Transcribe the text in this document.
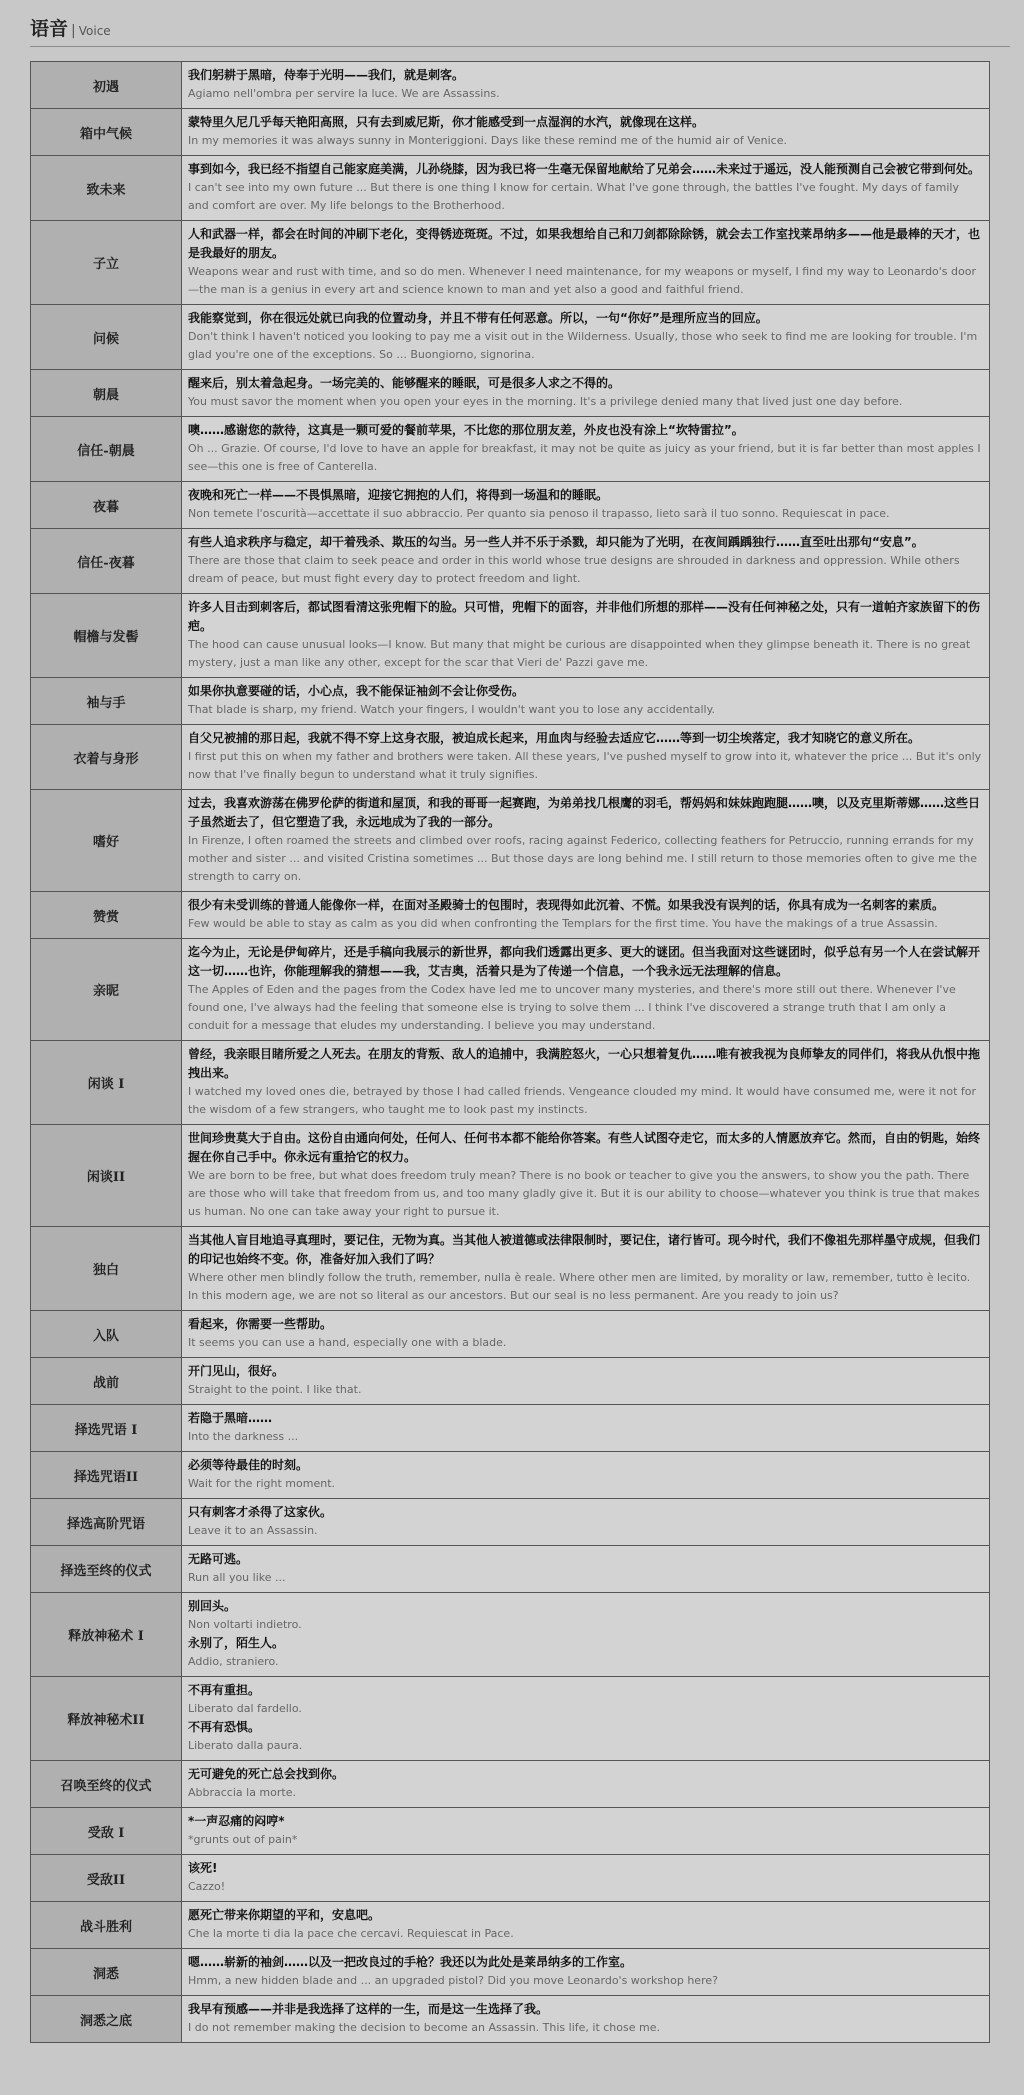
语音 | Voice
初遇	我们躬耕于黑暗，侍奉于光明——我们，就是刺客。
Agiamo nell'ombra per servire la luce. We are Assassins.

箱中气候	蒙特里久尼几乎每天艳阳高照，只有去到威尼斯，你才能感受到一点湿润的水汽，就像现在这样。
In my memories it was always sunny in Monteriggioni. Days like these remind me of the humid air of Venice.

致未来	事到如今，我已经不指望自己能家庭美满，儿孙绕膝，因为我已将一生毫无保留地献给了兄弟会……未来过于遥远，没人能预测自己会被它带到何处。
I can't see into my own future ... But there is one thing I know for certain. What I've gone through, the battles I've fought. My days of family and comfort are over. My life belongs to the Brotherhood.

子立	人和武器一样，都会在时间的冲刷下老化，变得锈迹斑斑。不过，如果我想给自己和刀剑都除除锈，就会去工作室找莱昂纳多——他是最棒的天才，也是我最好的朋友。
Weapons wear and rust with time, and so do men. Whenever I need maintenance, for my weapons or myself, I find my way to Leonardo's door—the man is a genius in every art and science known to man and yet also a good and faithful friend.

问候	我能察觉到，你在很远处就已向我的位置动身，并且不带有任何恶意。所以，一句“你好”是理所应当的回应。
Don't think I haven't noticed you looking to pay me a visit out in the Wilderness. Usually, those who seek to find me are looking for trouble. I'm glad you're one of the exceptions. So ... Buongiorno, signorina.

朝晨	醒来后，别太着急起身。一场完美的、能够醒来的睡眠，可是很多人求之不得的。
You must savor the moment when you open your eyes in the morning. It's a privilege denied many that lived just one day before.

信任-朝晨	噢……感谢您的款待，这真是一颗可爱的餐前苹果，不比您的那位朋友差，外皮也没有涂上“坎特雷拉”。
Oh ... Grazie. Of course, I'd love to have an apple for breakfast, it may not be quite as juicy as your friend, but it is far better than most apples I see—this one is free of Canterella.

夜暮	夜晚和死亡一样——不畏惧黑暗，迎接它拥抱的人们，将得到一场温和的睡眠。
Non temete l'oscurità—accettate il suo abbraccio. Per quanto sia penoso il trapasso, lieto sarà il tuo sonno. Requiescat in pace.

信任-夜暮	有些人追求秩序与稳定，却干着残杀、欺压的勾当。另一些人并不乐于杀戮，却只能为了光明，在夜间踽踽独行……直至吐出那句“安息”。
There are those that claim to seek peace and order in this world whose true designs are shrouded in darkness and oppression. While others dream of peace, but must fight every day to protect freedom and light.

帽檐与发髻	许多人目击到刺客后，都试图看清这张兜帽下的脸。只可惜，兜帽下的面容，并非他们所想的那样——没有任何神秘之处，只有一道帕齐家族留下的伤疤。
The hood can cause unusual looks—I know. But many that might be curious are disappointed when they glimpse beneath it. There is no great mystery, just a man like any other, except for the scar that Vieri de' Pazzi gave me.

袖与手	如果你执意要碰的话，小心点，我不能保证袖剑不会让你受伤。
That blade is sharp, my friend. Watch your fingers, I wouldn't want you to lose any accidentally.

衣着与身形	自父兄被捕的那日起，我就不得不穿上这身衣服，被迫成长起来，用血肉与经验去适应它……等到一切尘埃落定，我才知晓它的意义所在。
I first put this on when my father and brothers were taken. All these years, I've pushed myself to grow into it, whatever the price ... But it's only now that I've finally begun to understand what it truly signifies.

嗜好	过去，我喜欢游荡在佛罗伦萨的街道和屋顶，和我的哥哥一起赛跑，为弟弟找几根鹰的羽毛，帮妈妈和妹妹跑跑腿……噢，以及克里斯蒂娜……这些日子虽然逝去了，但它塑造了我，永远地成为了我的一部分。
In Firenze, I often roamed the streets and climbed over roofs, racing against Federico, collecting feathers for Petruccio, running errands for my mother and sister ... and visited Cristina sometimes ... But those days are long behind me. I still return to those memories often to give me the strength to carry on.

赞赏	很少有未受训练的普通人能像你一样，在面对圣殿骑士的包围时，表现得如此沉着、不慌。如果我没有误判的话，你具有成为一名刺客的素质。
Few would be able to stay as calm as you did when confronting the Templars for the first time. You have the makings of a true Assassin.

亲昵	迄今为止，无论是伊甸碎片，还是手稿向我展示的新世界，都向我们透露出更多、更大的谜团。但当我面对这些谜团时，似乎总有另一个人在尝试解开这一切……也许，你能理解我的猜想——我，艾吉奥，活着只是为了传递一个信息，一个我永远无法理解的信息。
The Apples of Eden and the pages from the Codex have led me to uncover many mysteries, and there's more still out there. Whenever I've found one, I've always had the feeling that someone else is trying to solve them ... I think I've discovered a strange truth that I am only a conduit for a message that eludes my understanding. I believe you may understand.

闲谈 I	曾经，我亲眼目睹所爱之人死去。在朋友的背叛、敌人的追捕中，我满腔怒火，一心只想着复仇……唯有被我视为良师挚友的同伴们，将我从仇恨中拖拽出来。
I watched my loved ones die, betrayed by those I had called friends. Vengeance clouded my mind. It would have consumed me, were it not for the wisdom of a few strangers, who taught me to look past my instincts.

闲谈II	世间珍贵莫大于自由。这份自由通向何处，任何人、任何书本都不能给你答案。有些人试图夺走它，而太多的人情愿放弃它。然而，自由的钥匙，始终握在你自己手中。你永远有重拾它的权力。
We are born to be free, but what does freedom truly mean? There is no book or teacher to give you the answers, to show you the path. There are those who will take that freedom from us, and too many gladly give it. But it is our ability to choose—whatever you think is true that makes us human. No one can take away your right to pursue it.

独白	当其他人盲目地追寻真理时，要记住，无物为真。当其他人被道德或法律限制时，要记住，诸行皆可。现今时代，我们不像祖先那样墨守成规，但我们的印记也始终不变。你，准备好加入我们了吗？
Where other men blindly follow the truth, remember, nulla è reale. Where other men are limited, by morality or law, remember, tutto è lecito. In this modern age, we are not so literal as our ancestors. But our seal is no less permanent. Are you ready to join us?

入队	看起来，你需要一些帮助。
It seems you can use a hand, especially one with a blade.

战前	开门见山，很好。
Straight to the point. I like that.

择选咒语 I	若隐于黑暗……
Into the darkness ...

择选咒语II	必须等待最佳的时刻。
Wait for the right moment.

择选高阶咒语	只有刺客才杀得了这家伙。
Leave it to an Assassin.

择选至终的仪式	无路可逃。
Run all you like ...

释放神秘术 I	别回头。
Non voltarti indietro.
永别了，陌生人。
Addio, straniero.

释放神秘术II	不再有重担。
Liberato dal fardello.
不再有恐惧。
Liberato dalla paura.

召唤至终的仪式	无可避免的死亡总会找到你。
Abbraccia la morte.

受敌 I	*一声忍痛的闷哼*
*grunts out of pain*

受敌II	该死!
Cazzo!

战斗胜利	愿死亡带来你期望的平和，安息吧。
Che la morte ti dia la pace che cercavi. Requiescat in Pace.

洞悉	嗯……崭新的袖剑……以及一把改良过的手枪？我还以为此处是莱昂纳多的工作室。
Hmm, a new hidden blade and ... an upgraded pistol? Did you move Leonardo's workshop here?

洞悉之底	我早有预感——并非是我选择了这样的一生，而是这一生选择了我。
I do not remember making the decision to become an Assassin. This life, it chose me.
